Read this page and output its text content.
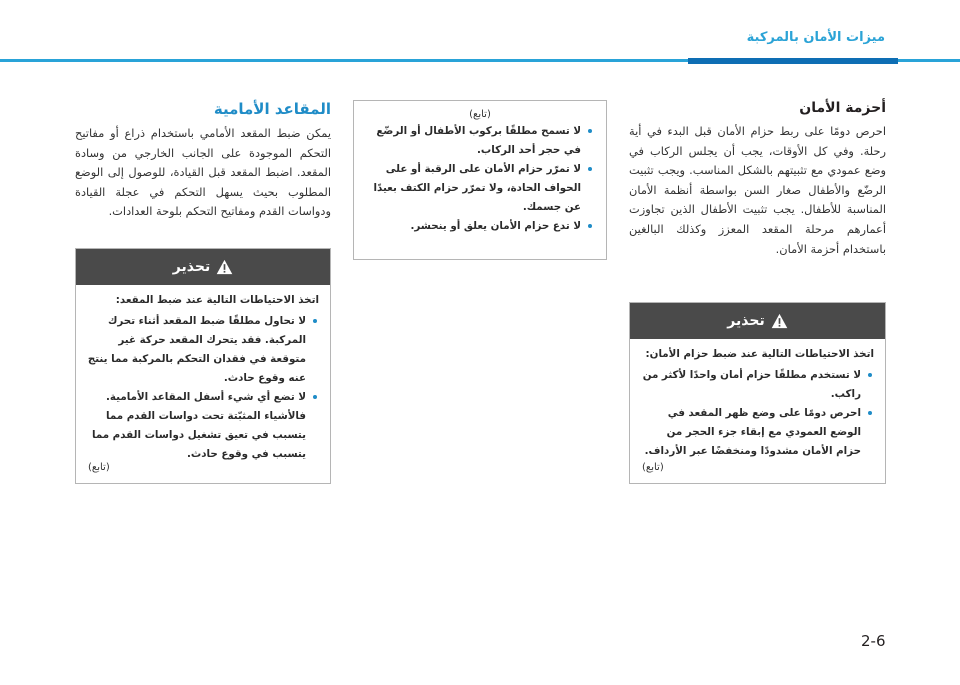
ميزات الأمان بالمركبة
أحزمة الأمان

احرص دومًا على ربط حزام الأمان قبل البدء في أية رحلة. وفي كل الأوقات، يجب أن يجلس الركاب في وضع عمودي مع تثبيتهم بالشكل المناسب. ويجب تثبيت الرضّع والأطفال صغار السن بواسطة أنظمة الأمان المناسبة للأطفال. يجب تثبيت الأطفال الذين تجاوزت أعمارهم مرحلة المقعد المعزز وكذلك البالغين باستخدام أحزمة الأمان.

تحذير

اتخذ الاحتياطات التالية عند ضبط حزام الأمان:

لا تستخدم مطلقًا حزام أمان واحدًا لأكثر من راكب.
احرص دومًا على وضع ظهر المقعد في الوضع العمودي مع إبقاء جزء الحجر من حزام الأمان مشدودًا ومنخفضًا عبر الأرداف.

(تابع)

(تابع)

لا تسمح مطلقًا بركوب الأطفال أو الرضّع في حجر أحد الركاب.
لا تمرّر حزام الأمان على الرقبة أو على الحواف الحادة، ولا تمرّر حزام الكتف بعيدًا عن جسمك.
لا تدع حزام الأمان يعلق أو ينحشر.
المقاعد الأمامية

يمكن ضبط المقعد الأمامي باستخدام ذراع أو مفاتيح التحكم الموجودة على الجانب الخارجي من وسادة المقعد. اضبط المقعد قبل القيادة، للوصول إلى الوضع المطلوب بحيث يسهل التحكم في عجلة القيادة ودواسات القدم ومفاتيح التحكم بلوحة العدادات.

تحذير

اتخذ الاحتياطات التالية عند ضبط المقعد:

لا تحاول مطلقًا ضبط المقعد أثناء تحرك المركبة. فقد يتحرك المقعد حركة غير متوقعة في فقدان التحكم بالمركبة مما ينتج عنه وقوع حادث.
لا تضع أي شيء أسفل المقاعد الأمامية. فالأشياء المثبّتة تحت دواسات القدم مما يتسبب في تعيق تشغيل دواسات القدم مما يتسبب في وقوع حادث.

(تابع)

2-6
